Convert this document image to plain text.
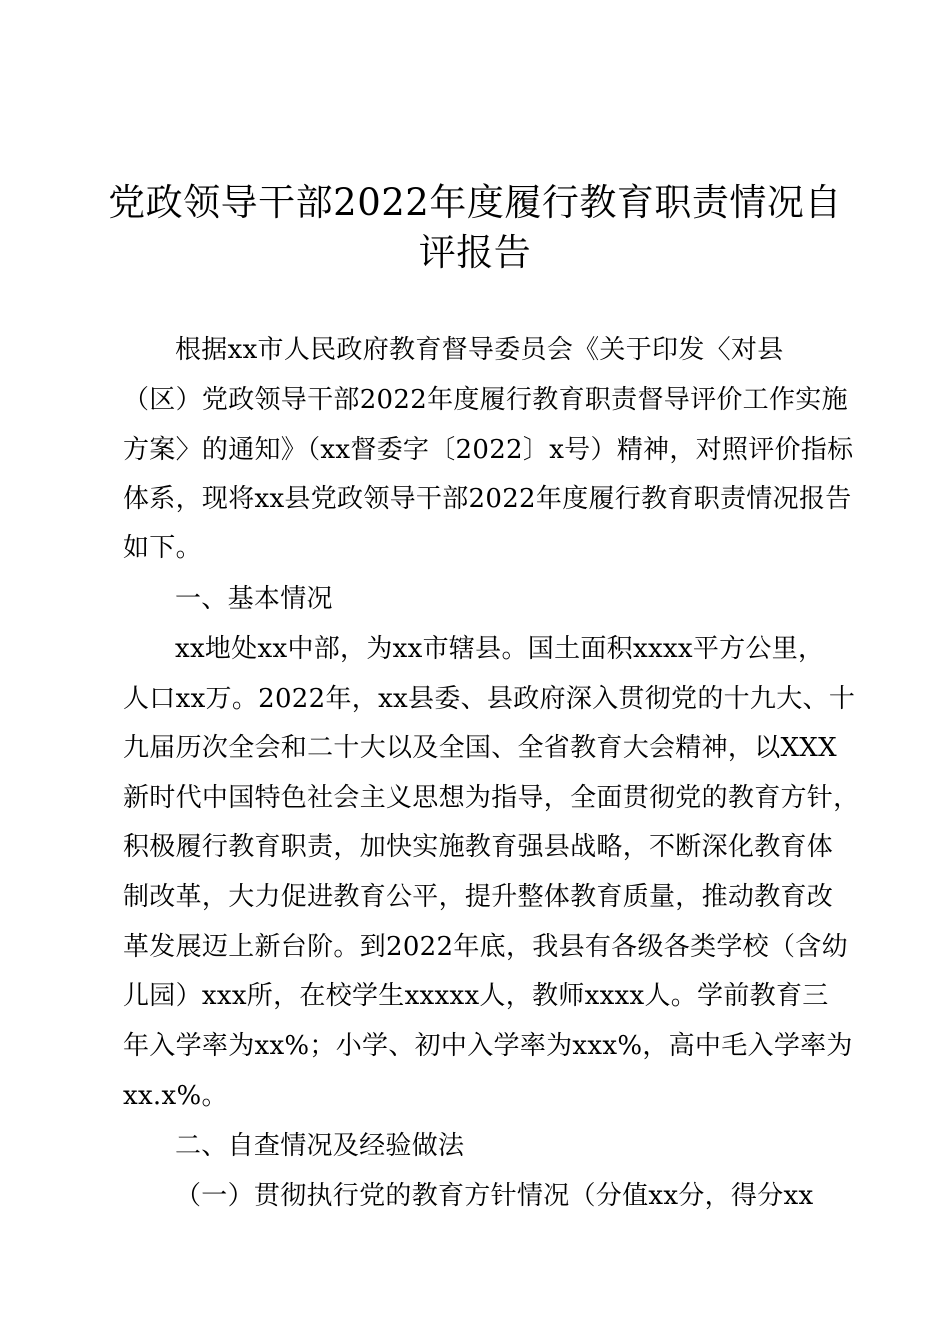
党政领导干部2022年度履行教育职责情况自
评报告
根据xx市人民政府教育督导委员会《关于印发〈对县
（区）党政领导干部2022年度履行教育职责督导评价工作实施
方案〉的通知》（xx督委字〔2022〕x号）精神，对照评价指标
体系，现将xx县党政领导干部2022年度履行教育职责情况报告
如下。
一、基本情况
xx地处xx中部，为xx市辖县。国土面积xxxx平方公里，
人口xx万。2022年，xx县委、县政府深入贯彻党的十九大、十
九届历次全会和二十大以及全国、全省教育大会精神，以XXX
新时代中国特色社会主义思想为指导，全面贯彻党的教育方针，
积极履行教育职责，加快实施教育强县战略，不断深化教育体
制改革，大力促进教育公平，提升整体教育质量，推动教育改
革发展迈上新台阶。到2022年底，我县有各级各类学校（含幼
儿园）xxx所，在校学生xxxxx人，教师xxxx人。学前教育三
年入学率为xx%；小学、初中入学率为xxx%，高中毛入学率为
xx.x%。
二、自查情况及经验做法
（一）贯彻执行党的教育方针情况（分值xx分，得分xx
